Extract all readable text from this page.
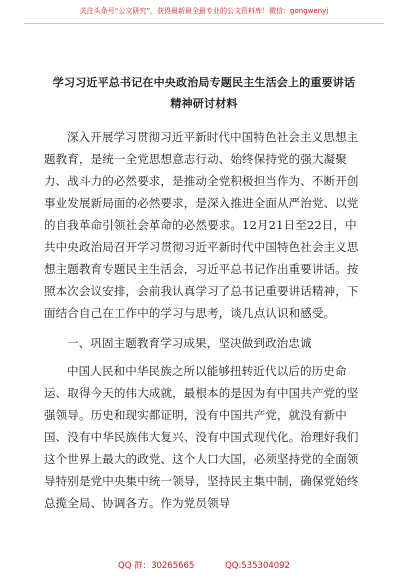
关注头条号“公文研究”，获得最新最全最专业的公文资料库！微信：gongwenyj
学习习近平总书记在中央政治局专题民主生活会上的重要讲话精神研讨材料

深入开展学习贯彻习近平新时代中国特色社会主义思想主题教育，是统一全党思想意志行动、始终保持党的强大凝聚力、战斗力的必然要求，是推动全党积极担当作为、不断开创事业发展新局面的必然要求，是深入推进全面从严治党、以党的自我革命引领社会革命的必然要求。12月21日至22日，中共中央政治局召开学习贯彻习近平新时代中国特色社会主义思想主题教育专题民主生活会，习近平总书记作出重要讲话。按照本次会议安排，会前我认真学习了总书记重要讲话精神，下面结合自己在工作中的学习与思考，谈几点认识和感受。

一、巩固主题教育学习成果，坚决做到政治忠诚

中国人民和中华民族之所以能够扭转近代以后的历史命运、取得今天的伟大成就，最根本的是因为有中国共产党的坚强领导。历史和现实都证明，没有中国共产党，就没有新中国、没有中华民族伟大复兴、没有中国式现代化。治理好我们这个世界上最大的政党、这个人口大国，必须坚持党的全面领导特别是党中央集中统一领导，坚持民主集中制，确保党始终总揽全局、协调各方。作为党员领导

QQ 群：30265665	QQ:535304092
